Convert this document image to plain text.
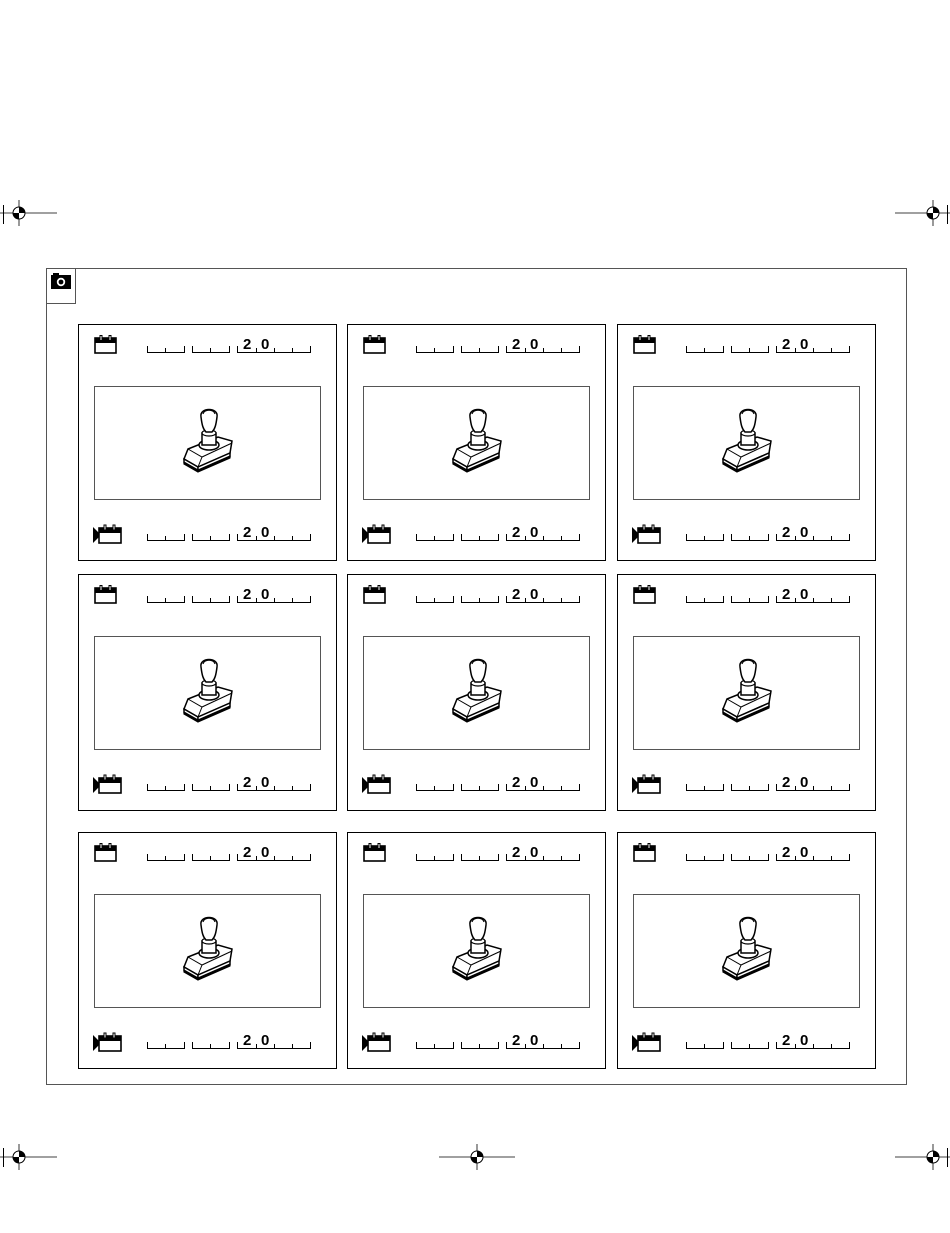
2 0
2 0
2 0
2 0
2 0
2 0
2 0
2 0
2 0
2 0
2 0
2 0
2 0
2 0
2 0
2 0
2 0
2 0
